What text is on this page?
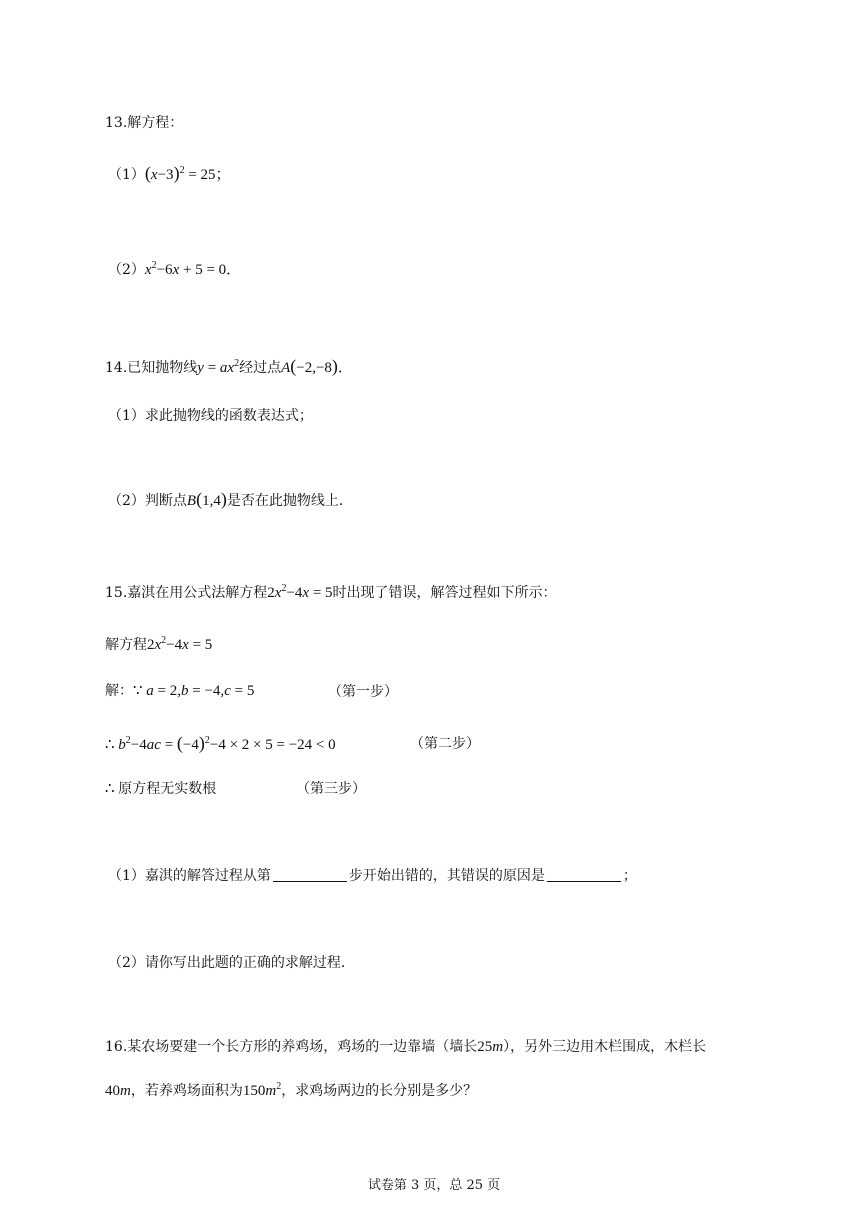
13.解方程：
$(1)(x-3)^2 = 25$；
$(2)x^2-6x + 5 = 0$．
14.已知抛物线$y = ax^2$经过点A(−2,−8)．
（1）求此抛物线的函数表达式；
（2）判断点B(1,4)是否在此抛物线上．
15.嘉淇在用公式法解方程$2x^2-4x = 5$时出现了错误，解答过程如下所示：
解方程$2x^2-4x = 5$
解：∵ a = 2,b = −4,c = 5	（第一步）
∴ $b^2-4ac = (-4)^2-4 \times 2 \times 5 = -24 < 0$	（第二步）
∴ 原方程无实数根	（第三步）
（1）嘉淇的解答过程从第	步开始出错的，其错误的原因是	；
（2）请你写出此题的正确的求解过程．
16.某农场要建一个长方形的养鸡场，鸡场的一边靠墙（墙长25m），另外三边用木栏围成，木栏长
40m，若养鸡场面积为$150m^2$，求鸡场两边的长分别是多少？
试卷第 3 页，总 25 页
